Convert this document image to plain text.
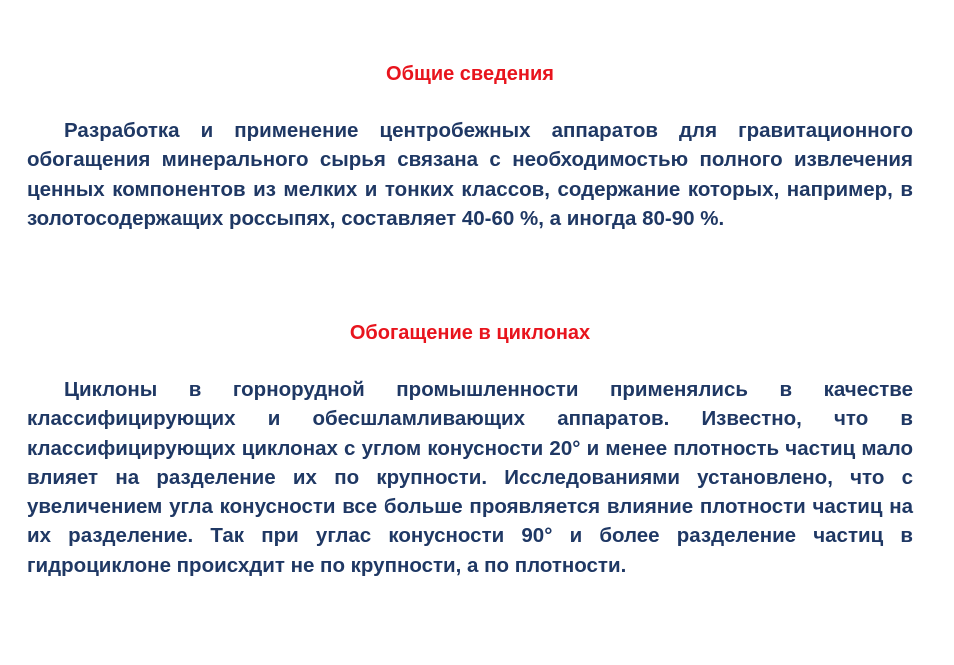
Общие сведения

Разработка и применение центробежных аппаратов для гравитационного обогащения минерального сырья связана с необходимостью полного извлечения ценных компонентов из мелких и тонких классов, содержание которых, например, в золотосодержащих россыпях, составляет 40-60 %, а иногда 80-90 %.

Обогащение в циклонах

Циклоны в горнорудной промышленности применялись в качестве классифицирующих и обесшламливающих аппаратов. Известно, что в классифицирующих циклонах с углом конусности 20° и менее плотность частиц мало влияет на разделение их по крупности. Исследованиями установлено, что с увеличением угла конусности все больше проявляется влияние плотности частиц на их разделение. Так при углас конусности 90° и более разделение частиц в гидроциклоне происхдит не по крупности, а по плотности.
